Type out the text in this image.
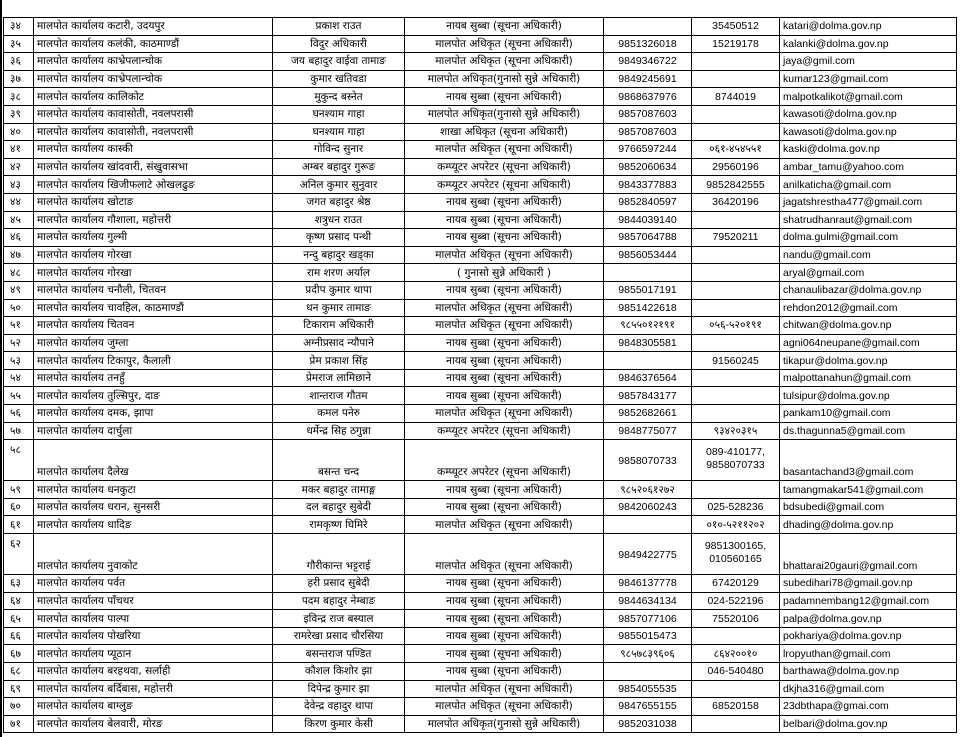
३४	मालपोत कार्यालय कटारी, उदयपुर	प्रकाश राउत	नायब सुब्बा (सूचना अधिकारी)		35450512	katari@dolma.gov.np
३५	मालपोत कार्यालय कलंकी, काठमाण्डौं	विदुर अधिकारी	मालपोत अधिकृत (सूचना अधिकारी)	9851326018	15219178	kalanki@dolma.gov.np
३६	मालपोत कार्यालय काभ्रेपलान्चोक	जय बहादुर वाईवा तामाङ	मालपोत अधिकृत (सूचना अधिकारी)	9849346722		jaya@gmil.com
३७	मालपोत कार्यालय काभ्रेपलान्चोक	कुमार खतिवडा	मालपोत अधिकृत(गुनासो सुन्ने अधिकारी)	9849245691		kumar123@gmail.com
३८	मालपोत कार्यालय कालिकोट	मुकुन्द बस्नेत	नायब सुब्बा (सूचना अधिकारी)	9868637976	8744019	malpotkalikot@gmail.com
३९	मालपोत कार्यालय कावासोती, नवलपरासी	घनश्याम गाहा	मालपोत अधिकृत(गुनासो सुन्ने अधिकारी)	9857087603		kawasoti@dolma.gov.np
४०	मालपोत कार्यालय कावासोती, नवलपरासी	घनश्याम गाहा	शाखा अधिकृत (सूचना अधिकारी)	9857087603		kawasoti@dolma.gov.np
४१	मालपोत कार्यालय कास्की	गोविन्द सुनार	मालपोत अधिकृत (सूचना अधिकारी)	9766597244	०६१-४५४५५१	kaski@dolma.gov.np
४२	मालपोत कार्यालय खांदवारी, संखुवासभा	अम्बर बहादुर गुरूङ	कम्प्यूटर अपरेटर (सूचना अधिकारी)	9852060634	29560196	ambar_tamu@yahoo.com
४३	मालपोत कार्यालय खिजीफलाटे ओखलढुङ	अनिल कुमार सुनुवार	कम्प्यूटर अपरेटर (सूचना अधिकारी)	9843377883	9852842555	anilkaticha@gmail.com
४४	मालपोत कार्यालय खोटाङ	जगत बहादुर श्रेष्ठ	नायब सुब्बा (सूचना अधिकारी)	9852840597	36420196	jagatshrestha477@gmail.com
४५	मालपोत कार्यालय गाैशाला, महाेत्तरी	शत्रुधन राउत	नायब सुब्बा (सूचना अधिकारी)	9844039140		shatrudhanraut@gmail.com
४६	मालपोत कार्यालय गुल्मी	कृष्ण प्रसाद पन्थी	नायब सुब्बा (सूचना अधिकारी)	9857064788	79520211	dolma.gulmi@gmail.com
४७	मालपोत कार्यालय गोरखा	नन्दु बहादुर खड्का	मालपोत अधिकृत (सूचना अधिकारी)	9856053444		nandu@gmail.com
४८	मालपोत कार्यालय गोरखा	राम शरण अर्याल	( गुनासो सुन्ने अधिकारी )			aryal@gmail.com
४९	मालपोत कार्यालय चनौली, चितवन	प्रदीप कुमार थापा	नायब सुब्बा (सूचना अधिकारी)	9855017191		chanaulibazar@dolma.gov.np
५०	मालपोत कार्यालय चावहिल, काठमाण्डौं	धन कुमार तामाङ	मालपोत अधिकृत (सूचना अधिकारी)	9851422618		rehdon2012@gmail.com
५१	मालपोत कार्यालय चितवन	टिकाराम अधिकारी	मालपोत अधिकृत (सूचना अधिकारी)	९८५५०१२१९१	०५६-५२०१९१	chitwan@dolma.gov.np
५२	मालपोत कार्यालय जुम्ला	अग्नीप्रसाद न्यौपाने	नायब सुब्बा (सूचना अधिकारी)	9848305581		agni064neupane@gmail.com
५३	मालपोत कार्यालय टिकापुर, कैलाली	प्रेम प्रकाश सिंह	नायब सुब्बा (सूचना अधिकारी)		91560245	tikapur@dolma.gov.np
५४	मालपोत कार्यालय तनहुँ	प्रेमराज लामिछाने	नायब सुब्बा (सूचना अधिकारी)	9846376564		malpottanahun@gmail.com
५५	मालपोत कार्यालय तुल्सिपुर, दाङ	शान्तराज गौतम	नायब सुब्बा (सूचना अधिकारी)	9857843177		tulsipur@dolma.gov.np
५६	मालपोत कार्यालय दमक, झापा	कमल पनेरु	मालपोत अधिकृत (सूचना अधिकारी)	9852682661		pankam10@gmail.com
५७	मालपोत कार्यालय दार्चुला	धर्मेन्द्र सिह ठगुन्ना	कम्प्यूटर अपरेटर (सूचना अधिकारी)	9848775077	९३४२०३१५	ds.thagunna5@gmail.com
५८	मालपोत कार्यालय दैलेख	बसन्त चन्द	कम्प्यूटर अपरेटर (सूचना अधिकारी)	9858070733	089-410177, 9858070733	basantachand3@gmail.com
५९	मालपोत कार्यालय धनकुटा	मकर बहादुर तामाङ्ग	नायब सुब्बा (सूचना अधिकारी)	९८५२०६१२७२		tamangmakar541@gmail.com
६०	मालपोत कार्यालय धरान, सुनसरी	दल बहादुर सुबेदी	नायब सुब्बा (सूचना अधिकारी)	9842060243	025-528236	bdsubedi@gmail.com
६१	मालपोत कार्यालय धादिङ	रामकृष्ण घिमिरे	मालपोत अधिकृत (सूचना अधिकारी)		०१०-५२११२०२	dhading@dolma.gov.np
६२	मालपोत कार्यालय नुवाकोट	गौरीकान्त भट्टराई	मालपोत अधिकृत (सूचना अधिकारी)	9849422775	9851300165, 010560165	bhattarai20gauri@gmail.com
६३	मालपोत कार्यालय पर्वत	हरी प्रसाद सुबेदी	नायब सुब्बा (सूचना अधिकारी)	9846137778	67420129	subedihari78@gmail.gov.np
६४	मालपोत कार्यालय पाँचथर	पदम बहादुर नेम्बाङ	नायब सुब्बा (सूचना अधिकारी)	9844634134	024-522196	padamnembang12@gmail.com
६५	मालपोत कार्यालय पाल्पा	इविन्द्र राज बस्याल	नायब सुब्बा (सूचना अधिकारी)	9857077106	75520106	palpa@dolma.gov.np
६६	मालपोत कार्यालय पोखरिया	रामरेखा प्रसाद चौरसिया	नायब सुब्बा (सूचना अधिकारी)	9855015473		pokhariya@dolma.gov.np
६७	मालपोत कार्यालय प्यूठान	बसन्तराज पण्डित	नायब सुब्बा (सूचना अधिकारी)	९८५७८३९६०६	८६४२००१०	lropyuthan@gmail.com
६८	मालपोत कार्यालय बरहथवा, सर्लाही	काैशल किशाेर झा	नायब सुब्बा (सूचना अधिकारी)		046-540480	barthawa@dolma.gov.np
६९	मालपोत कार्यालय बर्दिबास, महोत्तरी	दिपेन्द्र कुमार झा	मालपोत अधिकृत (सूचना अधिकारी)	9854055535		dkjha316@gmail.com
७०	मालपोत कार्यालय बाग्लुङ	देवेन्द्र वहादुर थापा	मालपोत अधिकृत (सूचना अधिकारी)	9847655155	68520158	23dbthapa@gmai.com
७१	मालपोत कार्यालय बेलवारी, मोरङ	किरण कुमार केसी	मालपोत अधिकृत(गुनासो सुन्ने अधिकारी)	9852031038		belbari@dolma.gov.np
